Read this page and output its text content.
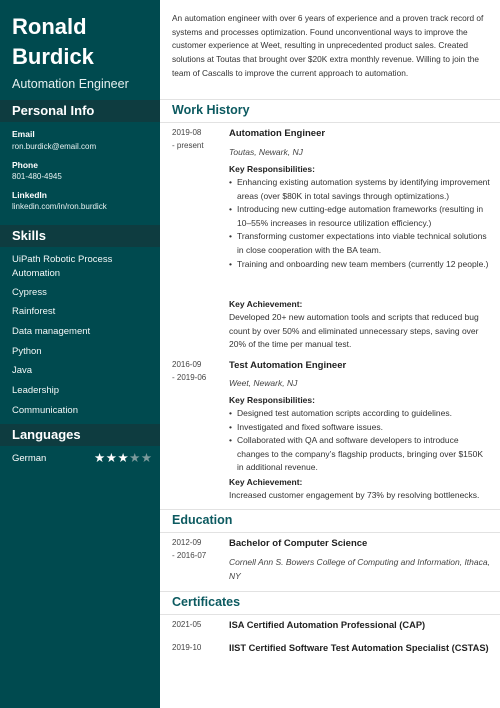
Ronald
Burdick
Automation Engineer
Personal Info
Email
ron.burdick@email.com
Phone
801-480-4945
LinkedIn
linkedin.com/in/ron.burdick
Skills
UiPath Robotic Process Automation
Cypress
Rainforest
Data management
Python
Java
Leadership
Communication
Languages
German	★★★★★
An automation engineer with over 6 years of experience and a proven track record of systems and processes optimization. Found unconventional ways to improve the customer experience at Weet, resulting in unprecedented product sales. Created solutions at Toutas that brought over $20K extra monthly revenue. Willing to join the team of Cascalls to improve the current approach to automation.
Work History
2019-08
- present
Automation Engineer
Toutas, Newark, NJ
Key Responsibilities:
• Enhancing existing automation systems by identifying improvement areas (over $80K in total savings through optimizations.)
• Introducing new cutting-edge automation frameworks (resulting in 10–55% increases in resource utilization efficiency.)
• Transforming customer expectations into viable technical solutions in close cooperation with the BA team.
• Training and onboarding new team members (currently 12 people.)
Key Achievement:
Developed 20+ new automation tools and scripts that reduced bug count by over 50% and eliminated unnecessary steps, saving over 20% of the time per manual test.
2016-09
- 2019-06
Test Automation Engineer
Weet, Newark, NJ
Key Responsibilities:
• Designed test automation scripts according to guidelines.
• Investigated and fixed software issues.
• Collaborated with QA and software developers to introduce changes to the company’s flagship products, bringing over $150K in additional revenue.
Key Achievement:
Increased customer engagement by 73% by resolving bottlenecks.
Education
2012-09
- 2016-07
Bachelor of Computer Science
Cornell Ann S. Bowers College of Computing and Information, Ithaca, NY
Certificates
2021-05	ISA Certified Automation Professional (CAP)
2019-10	IIST Certified Software Test Automation Specialist (CSTAS)
